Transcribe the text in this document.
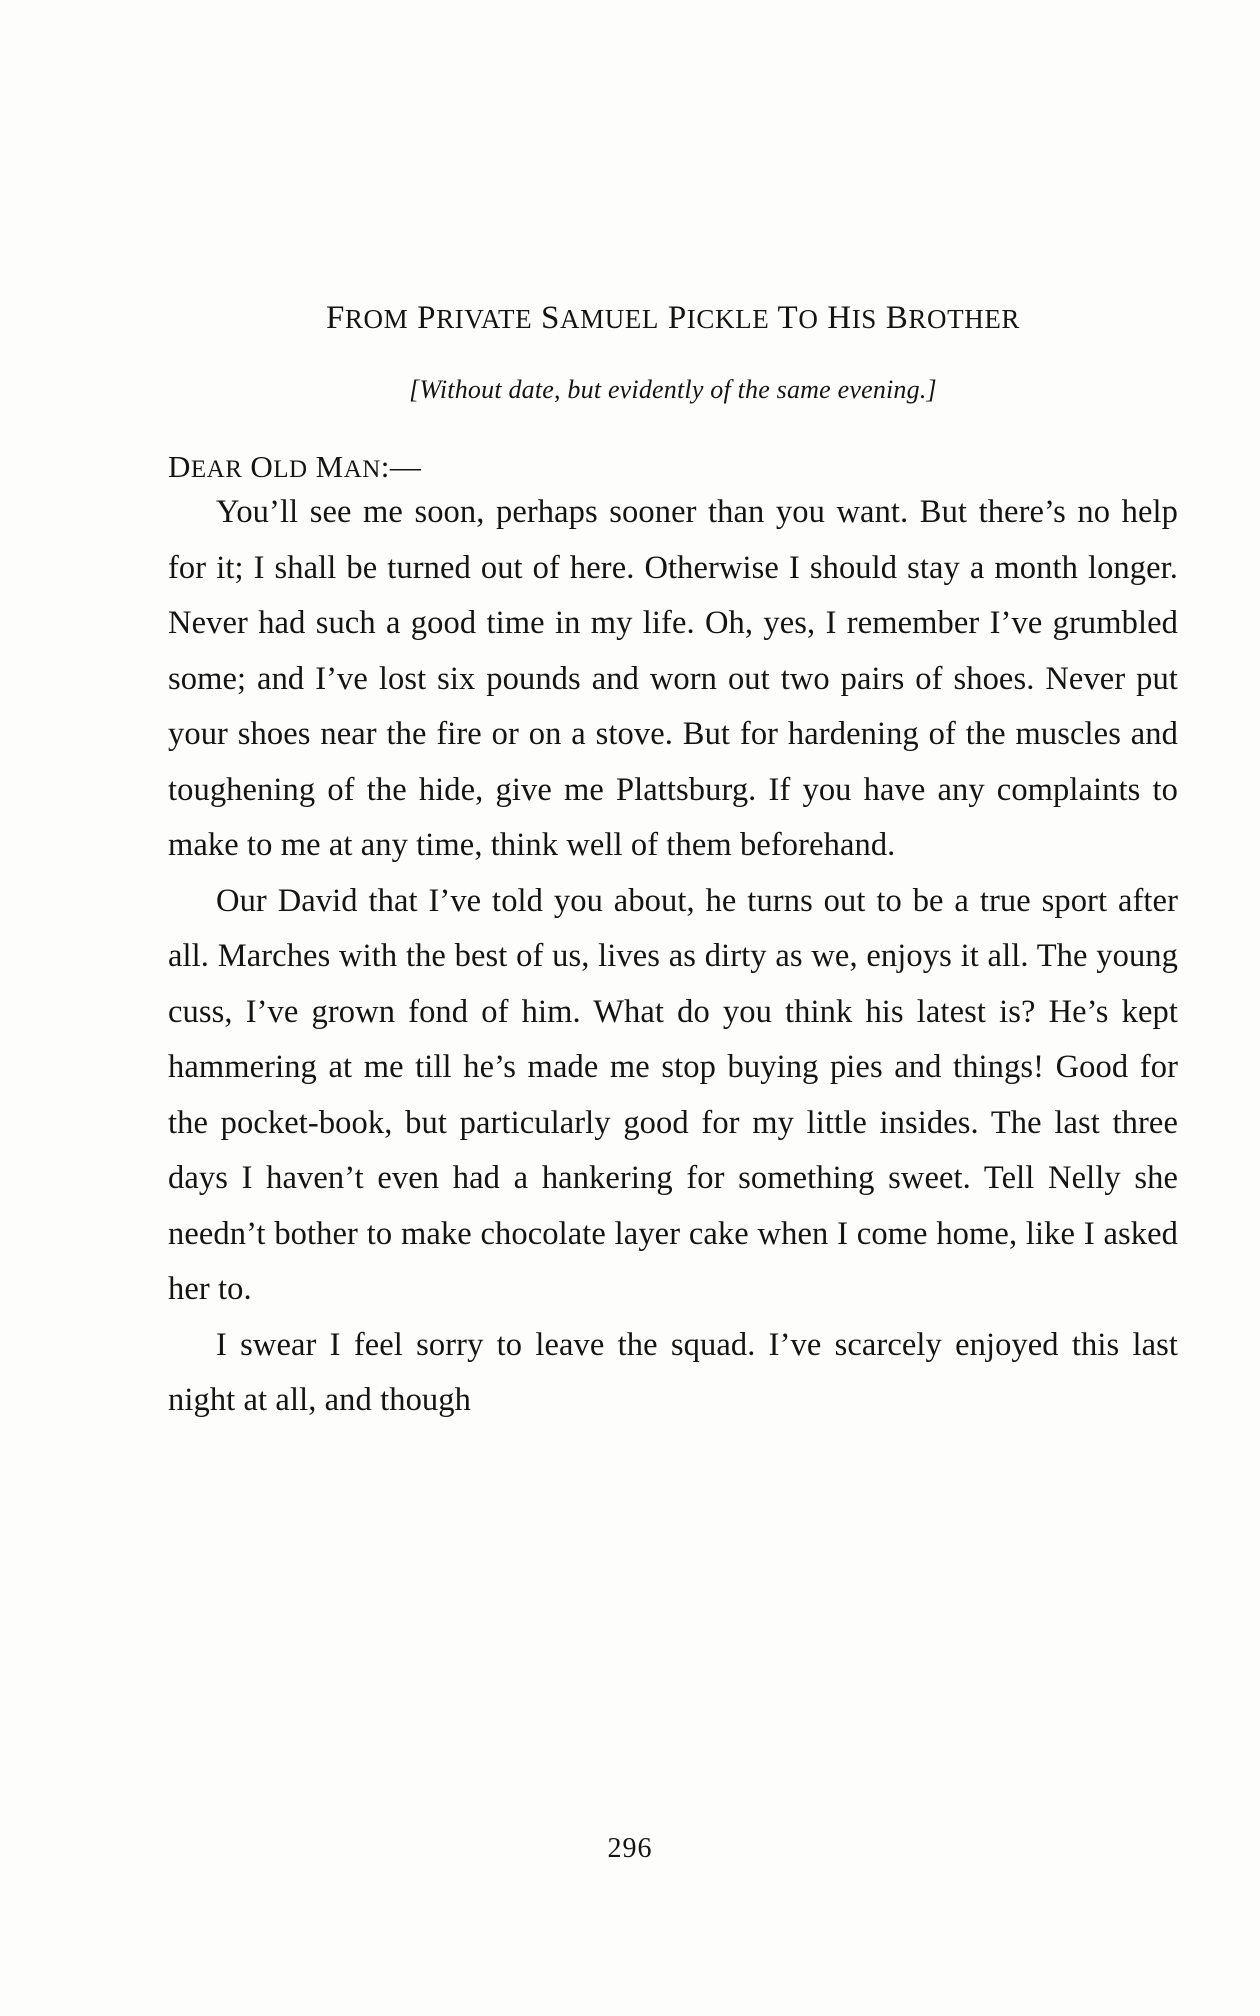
FROM PRIVATE SAMUEL PICKLE TO HIS BROTHER
[Without date, but evidently of the same evening.]
DEAR OLD MAN:—

You’ll see me soon, perhaps sooner than you want. But there’s no help for it; I shall be turned out of here. Otherwise I should stay a month longer. Never had such a good time in my life. Oh, yes, I remember I’ve grumbled some; and I’ve lost six pounds and worn out two pairs of shoes. Never put your shoes near the fire or on a stove. But for hardening of the muscles and toughening of the hide, give me Plattsburg. If you have any complaints to make to me at any time, think well of them beforehand.

Our David that I’ve told you about, he turns out to be a true sport after all. Marches with the best of us, lives as dirty as we, enjoys it all. The young cuss, I’ve grown fond of him. What do you think his latest is? He’s kept hammering at me till he’s made me stop buying pies and things! Good for the pocket-book, but particularly good for my little insides. The last three days I haven’t even had a hankering for something sweet. Tell Nelly she needn’t bother to make chocolate layer cake when I come home, like I asked her to.

I swear I feel sorry to leave the squad. I’ve scarcely enjoyed this last night at all, and though

296
